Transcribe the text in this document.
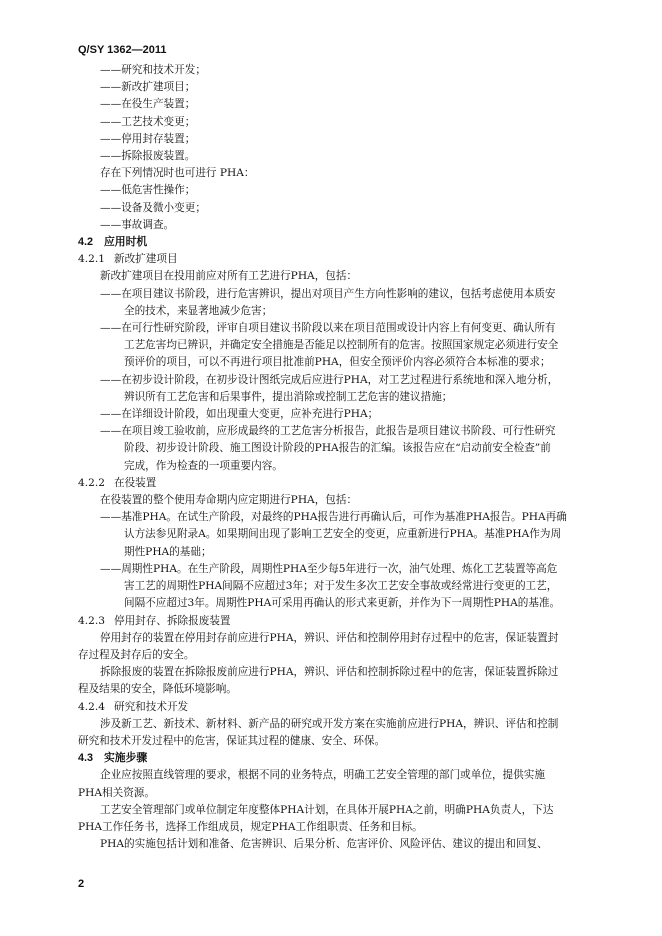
Q/SY 1362—2011
——研究和技术开发；
——新改扩建项目；
——在役生产装置；
——工艺技术变更；
——停用封存装置；
——拆除报废装置。
存在下列情况时也可进行 PHA：
——低危害性操作；
——设备及微小变更；
——事故调查。
4.2 应用时机
4.2.1 新改扩建项目
新改扩建项目在投用前应对所有工艺进行PHA，包括：
——在项目建议书阶段，进行危害辨识，提出对项目产生方向性影响的建议，包括考虑使用本质安
全的技术，来显著地减少危害；
——在可行性研究阶段，评审自项目建议书阶段以来在项目范围或设计内容上有何变更、确认所有
工艺危害均已辨识，并确定安全措施是否能足以控制所有的危害。按照国家规定必须进行安全
预评价的项目，可以不再进行项目批准前PHA，但安全预评价内容必须符合本标准的要求；
——在初步设计阶段，在初步设计图纸完成后应进行PHA，对工艺过程进行系统地和深入地分析，
辨识所有工艺危害和后果事件，提出消除或控制工艺危害的建议措施；
——在详细设计阶段，如出现重大变更，应补充进行PHA；
——在项目竣工验收前，应形成最终的工艺危害分析报告，此报告是项目建议书阶段、可行性研究
阶段、初步设计阶段、施工图设计阶段的PHA报告的汇编。该报告应在“启动前安全检查”前
完成，作为检查的一项重要内容。
4.2.2 在役装置
在役装置的整个使用寿命期内应定期进行PHA，包括：
——基准PHA。在试生产阶段，对最终的PHA报告进行再确认后，可作为基准PHA报告。PHA再确
认方法参见附录A。如果期间出现了影响工艺安全的变更，应重新进行PHA。基准PHA作为周
期性PHA的基础；
——周期性PHA。在生产阶段，周期性PHA至少每5年进行一次，油气处理、炼化工艺装置等高危
害工艺的周期性PHA间隔不应超过3年；对于发生多次工艺安全事故或经常进行变更的工艺，
间隔不应超过3年。周期性PHA可采用再确认的形式来更新，并作为下一周期性PHA的基准。
4.2.3 停用封存、拆除报废装置
停用封存的装置在停用封存前应进行PHA，辨识、评估和控制停用封存过程中的危害，保证装置封
存过程及封存后的安全。
拆除报废的装置在拆除报废前应进行PHA，辨识、评估和控制拆除过程中的危害，保证装置拆除过
程及结果的安全，降低环境影响。
4.2.4 研究和技术开发
涉及新工艺、新技术、新材料、新产品的研究或开发方案在实施前应进行PHA，辨识、评估和控制
研究和技术开发过程中的危害，保证其过程的健康、安全、环保。
4.3 实施步骤
企业应按照直线管理的要求，根据不同的业务特点，明确工艺安全管理的部门或单位，提供实施
PHA相关资源。
工艺安全管理部门或单位制定年度整体PHA计划，在具体开展PHA之前，明确PHA负责人，下达
PHA工作任务书，选择工作组成员，规定PHA工作组职责、任务和目标。
PHA的实施包括计划和准备、危害辨识、后果分析、危害评价、风险评估、建议的提出和回复、
2
